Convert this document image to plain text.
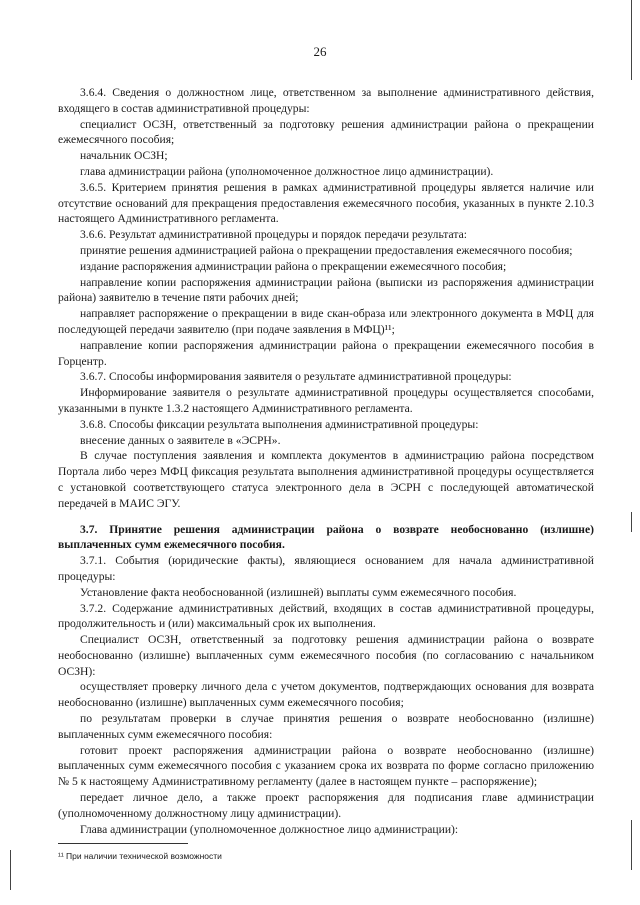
26

3.6.4. Сведения о должностном лице, ответственном за выполнение административного действия, входящего в состав административной процедуры:

специалист ОСЗН, ответственный за подготовку решения администрации района о прекращении ежемесячного пособия;

начальник ОСЗН;

глава администрации района (уполномоченное должностное лицо администрации).

3.6.5. Критерием принятия решения в рамках административной процедуры является наличие или отсутствие оснований для прекращения предоставления ежемесячного пособия, указанных в пункте 2.10.3 настоящего Административного регламента.

3.6.6. Результат административной процедуры и порядок передачи результата:

принятие решения администрацией района о прекращении предоставления ежемесячного пособия;

издание распоряжения администрации района о прекращении ежемесячного пособия;

направление копии распоряжения администрации района (выписки из распоряжения администрации района) заявителю в течение пяти рабочих дней;

направляет распоряжение о прекращении в виде скан-образа или электронного документа в МФЦ для последующей передачи заявителю (при подаче заявления в МФЦ)¹¹;

направление копии распоряжения администрации района о прекращении ежемесячного пособия в Горцентр.

3.6.7. Способы информирования заявителя о результате административной процедуры:

Информирование заявителя о результате административной процедуры осуществляется способами, указанными в пункте 1.3.2 настоящего Административного регламента.

3.6.8. Способы фиксации результата выполнения административной процедуры:

внесение данных о заявителе в «ЭСРН».

В случае поступления заявления и комплекта документов в администрацию района посредством Портала либо через МФЦ фиксация результата выполнения административной процедуры осуществляется с установкой соответствующего статуса электронного дела в ЭСРН с последующей автоматической передачей в МАИС ЭГУ.

3.7. Принятие решения администрации района о возврате необоснованно (излишне) выплаченных сумм ежемесячного пособия.

3.7.1. События (юридические факты), являющиеся основанием для начала административной процедуры:

Установление факта необоснованной (излишней) выплаты сумм ежемесячного пособия.

3.7.2. Содержание административных действий, входящих в состав административной процедуры, продолжительность и (или) максимальный срок их выполнения.

Специалист ОСЗН, ответственный за подготовку решения администрации района о возврате необоснованно (излишне) выплаченных сумм ежемесячного пособия (по согласованию с начальником ОСЗН):

осуществляет проверку личного дела с учетом документов, подтверждающих основания для возврата необоснованно (излишне) выплаченных сумм ежемесячного пособия;

по результатам проверки в случае принятия решения о возврате необоснованно (излишне) выплаченных сумм ежемесячного пособия:

готовит проект распоряжения администрации района о возврате необоснованно (излишне) выплаченных сумм ежемесячного пособия с указанием срока их возврата по форме согласно приложению № 5 к настоящему Административному регламенту (далее в настоящем пункте – распоряжение);

передает личное дело, а также проект распоряжения для подписания главе администрации (уполномоченному должностному лицу администрации).

Глава администрации (уполномоченное должностное лицо администрации):

¹¹ При наличии технической возможности
